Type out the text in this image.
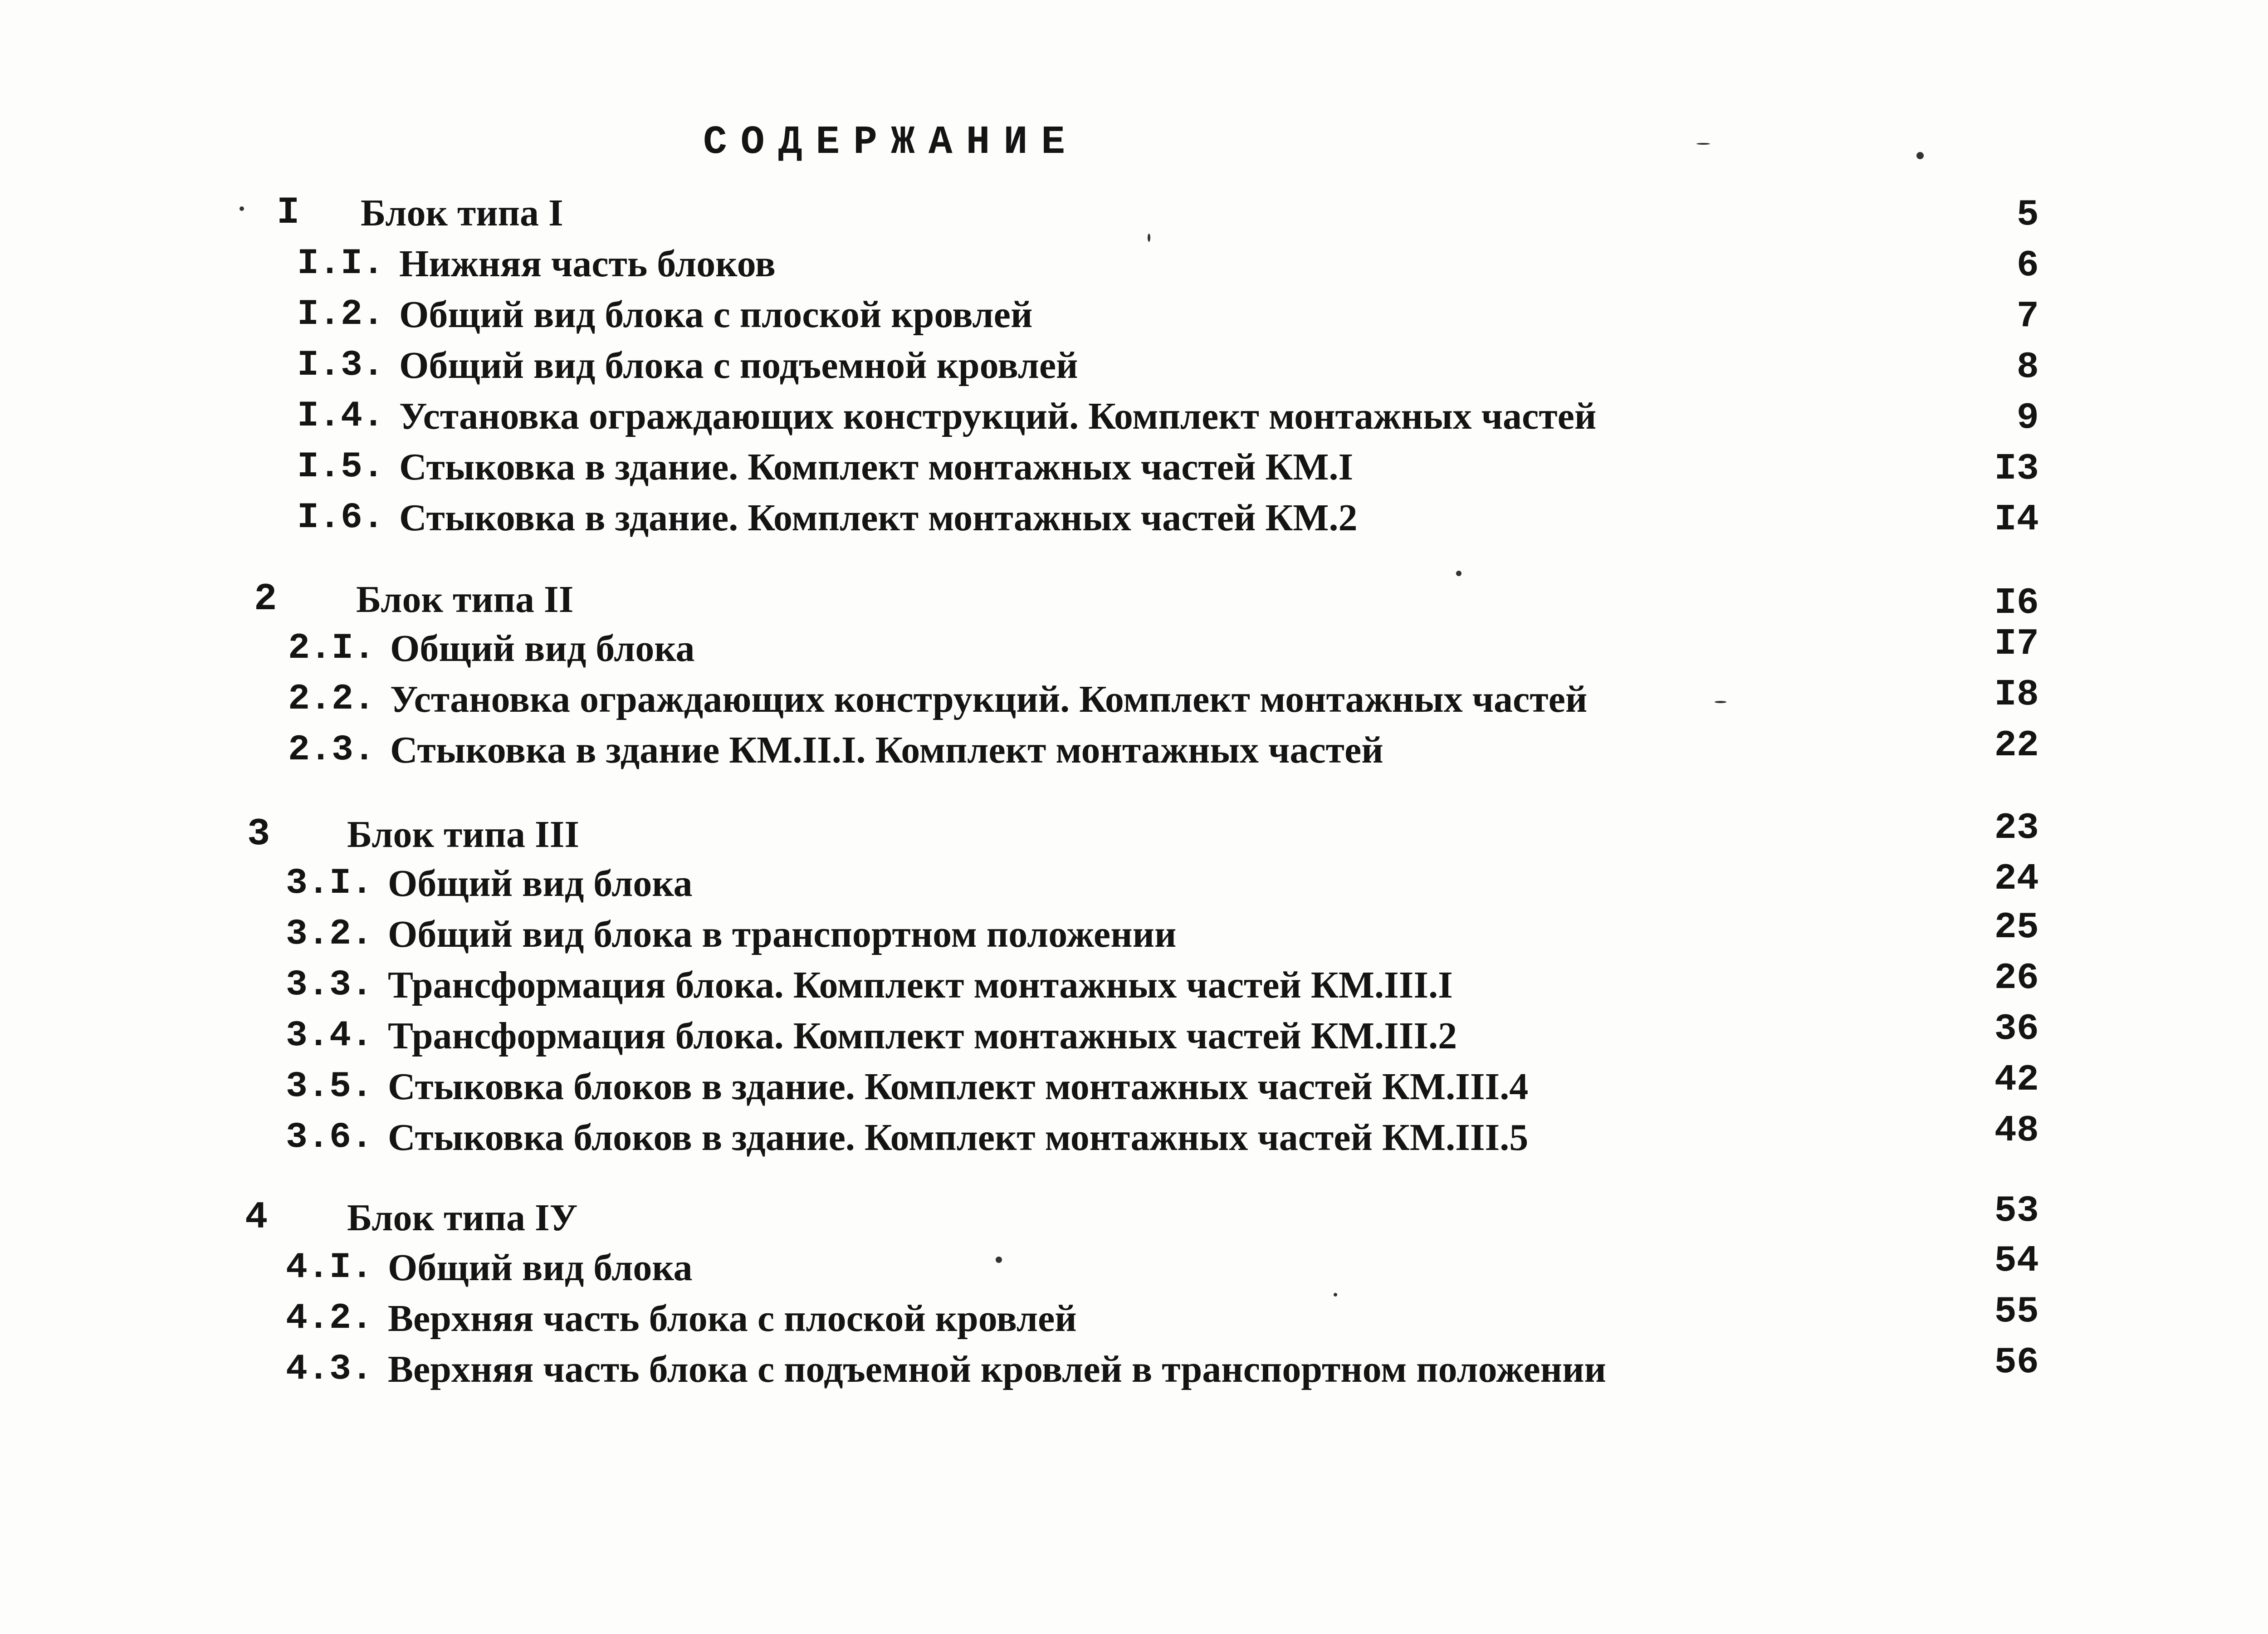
СОДЕРЖАНИЕ
I Блок типа I	5
I.I. Нижняя часть блоков	6
I.2. Общий вид блока с плоской кровлей	7
I.3. Общий вид блока с подъемной кровлей	8
I.4. Установка ограждающих конструкций. Комплект монтажных частей	9
I.5. Стыковка в здание. Комплект монтажных частей КМ.I	I3
I.6. Стыковка в здание. Комплект монтажных частей КМ.2	I4
2 Блок типа II	I6
2.I. Общий вид блока	I7
2.2. Установка ограждающих конструкций. Комплект монтажных частей	I8
2.3. Стыковка в здание КМ.II.I. Комплект монтажных частей	22
3 Блок типа III	23
3.I. Общий вид блока	24
3.2. Общий вид блока в транспортном положении	25
3.3. Трансформация блока. Комплект монтажных частей КМ.III.I	26
3.4. Трансформация блока. Комплект монтажных частей КМ.III.2	36
3.5. Стыковка блоков в здание. Комплект монтажных частей КМ.III.4	42
3.6. Стыковка блоков в здание. Комплект монтажных частей КМ.III.5	48
4 Блок типа IУ	53
4.I. Общий вид блока	54
4.2. Верхняя часть блока с плоской кровлей	55
4.3. Верхняя часть блока с подъемной кровлей в транспортном положении	56
